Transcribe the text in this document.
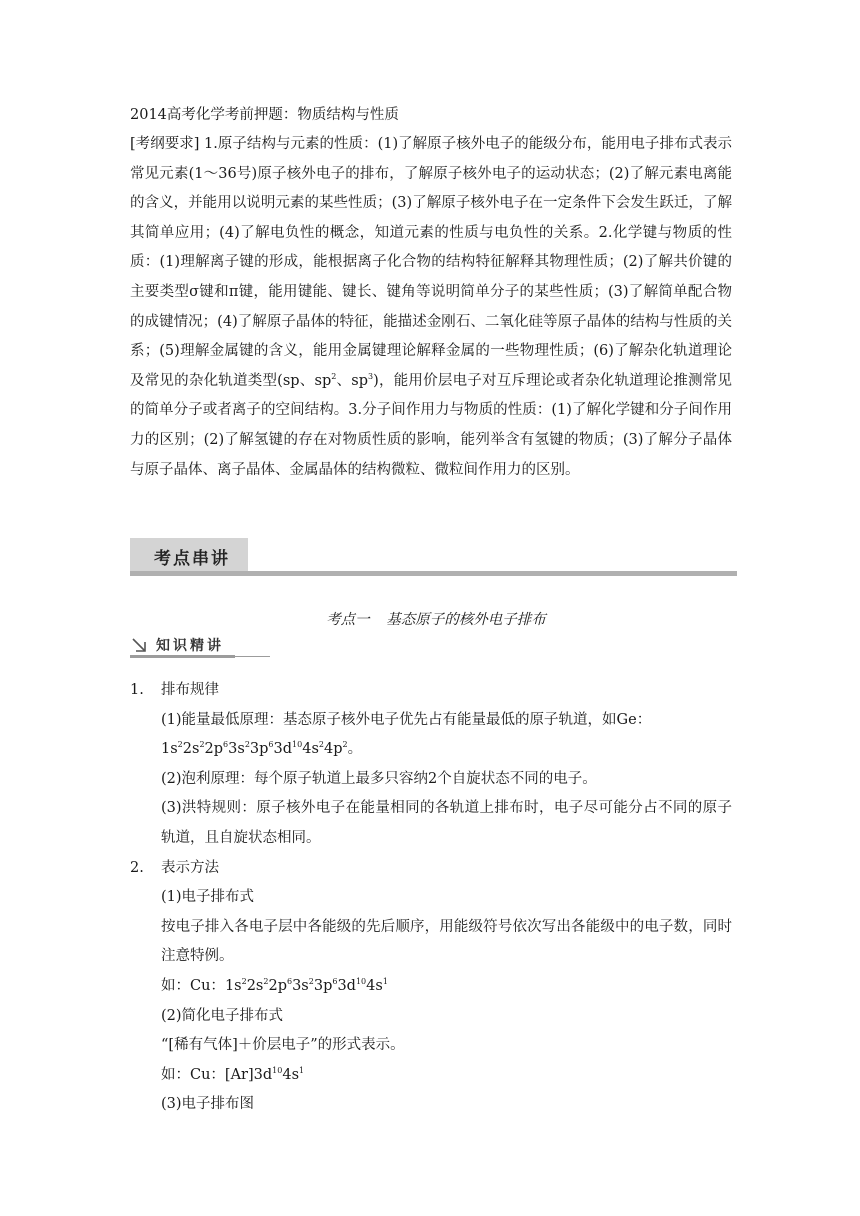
2014高考化学考前押题：物质结构与性质

[考纲要求] 1.原子结构与元素的性质：(1)了解原子核外电子的能级分布，能用电子排布式表示常见元素(1～36号)原子核外电子的排布，了解原子核外电子的运动状态；(2)了解元素电离能的含义，并能用以说明元素的某些性质；(3)了解原子核外电子在一定条件下会发生跃迁，了解其简单应用；(4)了解电负性的概念，知道元素的性质与电负性的关系。2.化学键与物质的性质：(1)理解离子键的形成，能根据离子化合物的结构特征解释其物理性质；(2)了解共价键的主要类型σ键和π键，能用键能、键长、键角等说明简单分子的某些性质；(3)了解简单配合物的成键情况；(4)了解原子晶体的特征，能描述金刚石、二氧化硅等原子晶体的结构与性质的关系；(5)理解金属键的含义，能用金属键理论解释金属的一些物理性质；(6)了解杂化轨道理论及常见的杂化轨道类型(sp、$sp^2$、$sp^3$)，能用价层电子对互斥理论或者杂化轨道理论推测常见的简单分子或者离子的空间结构。3.分子间作用力与物质的性质：(1)了解化学键和分子间作用力的区别；(2)了解氢键的存在对物质性质的影响，能列举含有氢键的物质；(3)了解分子晶体与原子晶体、离子晶体、金属晶体的结构微粒、微粒间作用力的区别。

考点串讲
考点一 基态原子的核外电子排布
知识精讲
1. 排布规律
(1)能量最低原理：基态原子核外电子优先占有能量最低的原子轨道，如Ge：
$1s^22s^22p^63s^23p^63d^{10}4s^24p^2$。
(2)泡利原理：每个原子轨道上最多只容纳2个自旋状态不同的电子。
(3)洪特规则：原子核外电子在能量相同的各轨道上排布时，电子尽可能分占不同的原子轨道，且自旋状态相同。
2. 表示方法
(1)电子排布式
按电子排入各电子层中各能级的先后顺序，用能级符号依次写出各能级中的电子数，同时注意特例。
如：Cu：$1s^22s^22p^63s^23p^63d^{10}4s^1$
(2)简化电子排布式
“[稀有气体]＋价层电子”的形式表示。
如：Cu：$[Ar]3d^{10}4s^1$
(3)电子排布图
